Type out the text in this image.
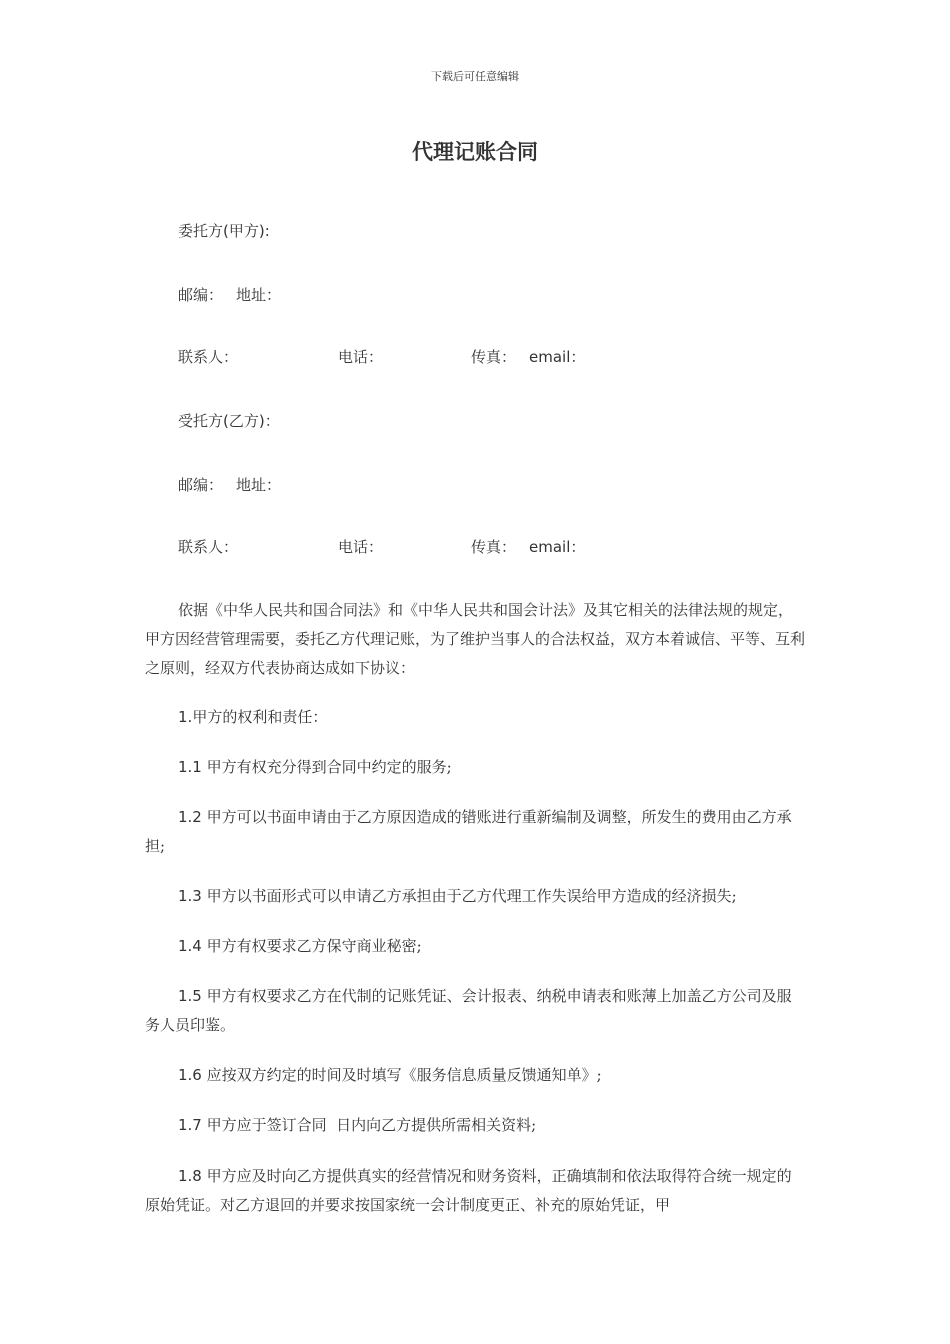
下载后可任意编辑
代理记账合同
委托方(甲方):
邮编： 地址：
联系人：	电话：	传真： email：
受托方(乙方)：
邮编： 地址：
联系人：	电话：	传真： email：
依据《中华人民共和国合同法》和《中华人民共和国会计法》及其它相关的法律法规的规定，甲方因经营管理需要，委托乙方代理记账，为了维护当事人的合法权益，双方本着诚信、平等、互利之原则，经双方代表协商达成如下协议：
1.甲方的权利和责任：
1.1 甲方有权充分得到合同中约定的服务;
1.2 甲方可以书面申请由于乙方原因造成的错账进行重新编制及调整，所发生的费用由乙方承担;
1.3 甲方以书面形式可以申请乙方承担由于乙方代理工作失误给甲方造成的经济损失;
1.4 甲方有权要求乙方保守商业秘密;
1.5 甲方有权要求乙方在代制的记账凭证、会计报表、纳税申请表和账薄上加盖乙方公司及服务人员印鉴。
1.6 应按双方约定的时间及时填写《服务信息质量反馈通知单》;
1.7 甲方应于签订合同  日内向乙方提供所需相关资料;
1.8 甲方应及时向乙方提供真实的经营情况和财务资料，正确填制和依法取得符合统一规定的原始凭证。对乙方退回的并要求按国家统一会计制度更正、补充的原始凭证，甲
